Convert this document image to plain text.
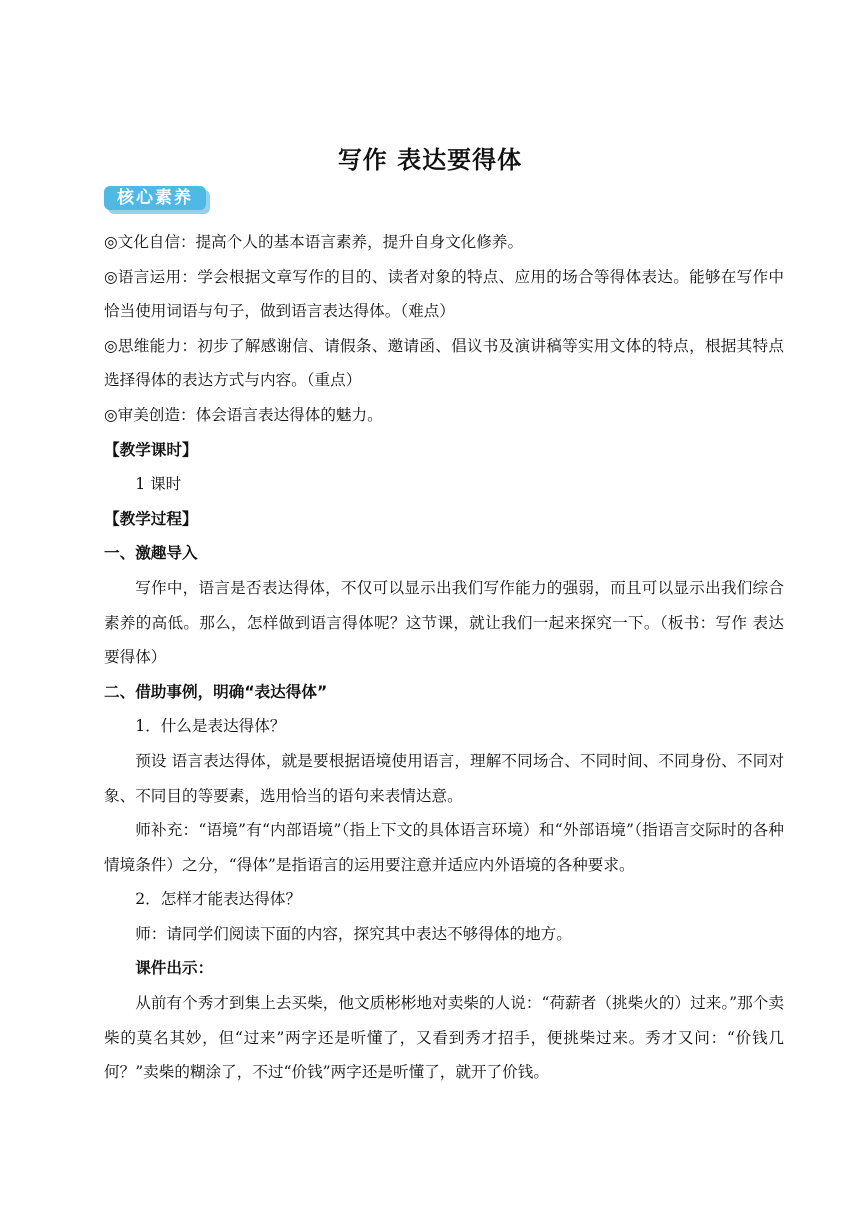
写作 表达要得体
核心素养

◎文化自信：提高个人的基本语言素养，提升自身文化修养。

◎语言运用：学会根据文章写作的目的、读者对象的特点、应用的场合等得体表达。能够在写作中恰当使用词语与句子，做到语言表达得体。（难点）

◎思维能力：初步了解感谢信、请假条、邀请函、倡议书及演讲稿等实用文体的特点，根据其特点选择得体的表达方式与内容。（重点）

◎审美创造：体会语言表达得体的魅力。

【教学课时】

1 课时

【教学过程】

一、激趣导入

写作中，语言是否表达得体，不仅可以显示出我们写作能力的强弱，而且可以显示出我们综合素养的高低。那么，怎样做到语言得体呢？这节课，就让我们一起来探究一下。（板书：写作 表达要得体）

二、借助事例，明确“表达得体”

1．什么是表达得体？

预设 语言表达得体，就是要根据语境使用语言，理解不同场合、不同时间、不同身份、不同对象、不同目的等要素，选用恰当的语句来表情达意。

师补充：“语境”有“内部语境”（指上下文的具体语言环境）和“外部语境”（指语言交际时的各种情境条件）之分，“得体”是指语言的运用要注意并适应内外语境的各种要求。

2．怎样才能表达得体？

师：请同学们阅读下面的内容，探究其中表达不够得体的地方。

课件出示：

从前有个秀才到集上去买柴，他文质彬彬地对卖柴的人说：“荷薪者（挑柴火的）过来。”那个卖柴的莫名其妙，但“过来”两字还是听懂了，又看到秀才招手，便挑柴过来。秀才又问：“价钱几何？”卖柴的糊涂了，不过“价钱”两字还是听懂了，就开了价钱。
